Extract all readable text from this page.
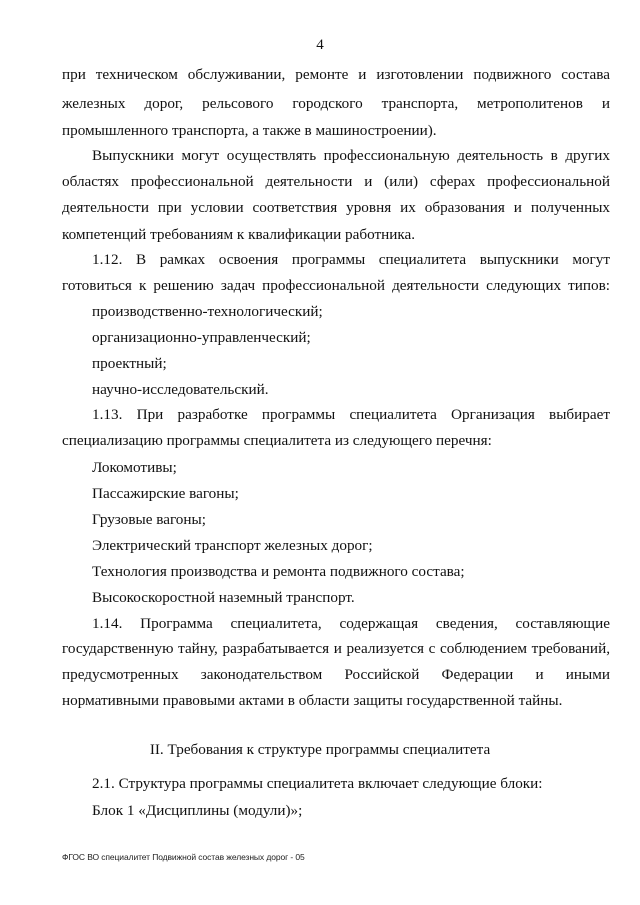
4
при техническом обслуживании, ремонте и изготовлении подвижного состава
железных дорог, рельсового городского транспорта, метрополитенов и
промышленного транспорта, а также в машиностроении).
Выпускники могут осуществлять профессиональную деятельность в других
областях профессиональной деятельности и (или) сферах профессиональной
деятельности при условии соответствия уровня их образования и полученных
компетенций требованиям к квалификации работника.
1.12. В рамках освоения программы специалитета выпускники могут
готовиться к решению задач профессиональной деятельности следующих типов:
производственно-технологический;
организационно-управленческий;
проектный;
научно-исследовательский.
1.13. При разработке программы специалитета Организация выбирает
специализацию программы специалитета из следующего перечня:
Локомотивы;
Пассажирские вагоны;
Грузовые вагоны;
Электрический транспорт железных дорог;
Технология производства и ремонта подвижного состава;
Высокоскоростной наземный транспорт.
1.14. Программа специалитета, содержащая сведения, составляющие
государственную тайну, разрабатывается и реализуется с соблюдением требований,
предусмотренных законодательством Российской Федерации и иными
нормативными правовыми актами в области защиты государственной тайны.
II. Требования к структуре программы специалитета
2.1. Структура программы специалитета включает следующие блоки:
Блок 1 «Дисциплины (модули)»;
ФГОС ВО специалитет Подвижной состав железных дорог - 05
